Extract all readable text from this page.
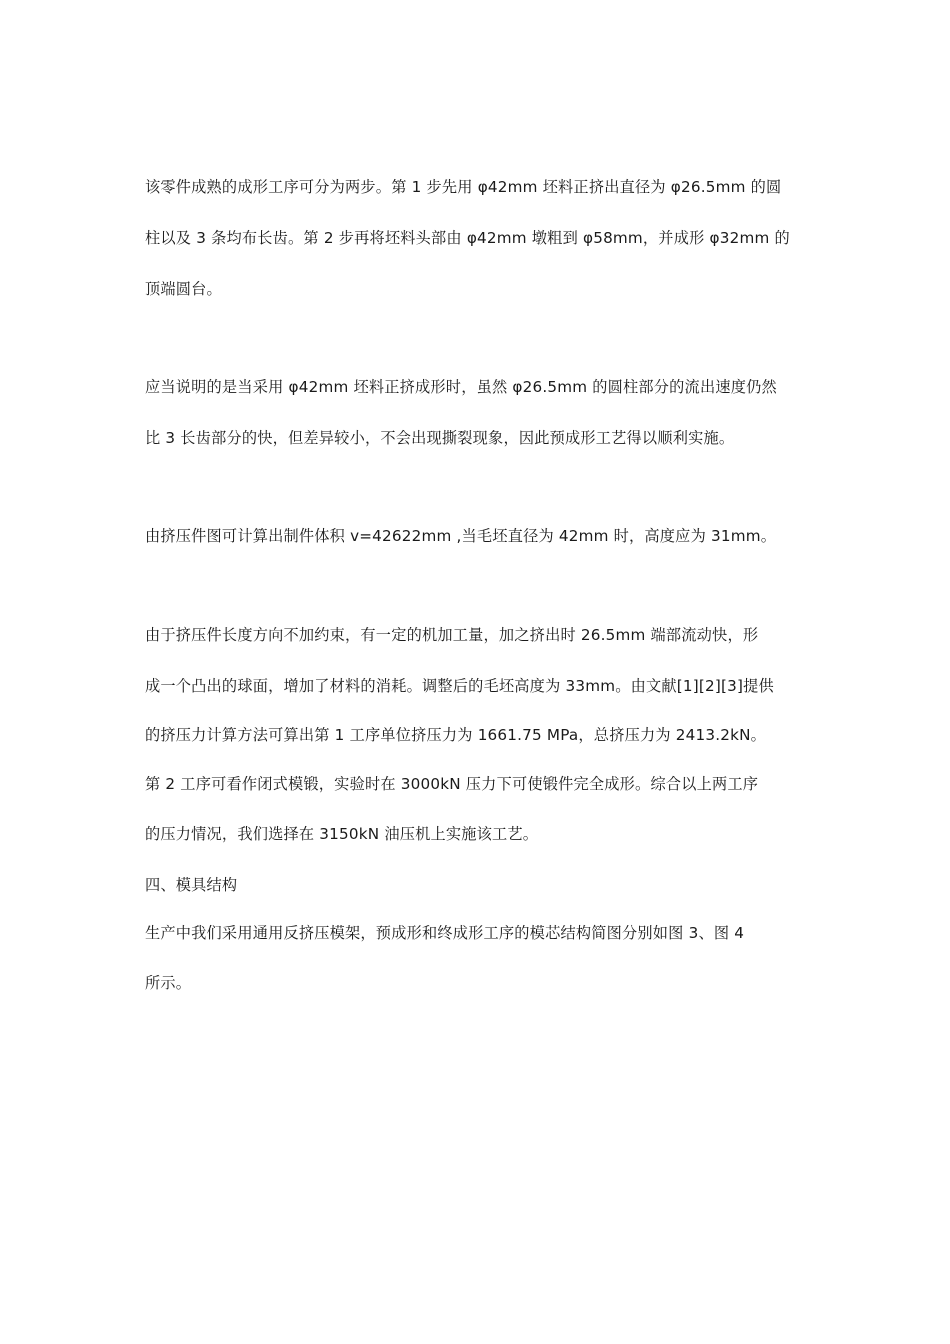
该零件成熟的成形工序可分为两步。第 1 步先用 φ42mm 坯料正挤出直径为 φ26.5mm 的圆
柱以及 3 条均布长齿。第 2 步再将坯料头部由 φ42mm 墩粗到 φ58mm，并成形 φ32mm 的
顶端圆台。
应当说明的是当采用 φ42mm 坯料正挤成形时，虽然 φ26.5mm 的圆柱部分的流出速度仍然
比 3 长齿部分的快，但差异较小，不会出现撕裂现象，因此预成形工艺得以顺利实施。
由挤压件图可计算出制件体积 v=42622mm ,当毛坯直径为 42mm 时，高度应为 31mm。
由于挤压件长度方向不加约束，有一定的机加工量，加之挤出时 26.5mm 端部流动快，形
成一个凸出的球面，增加了材料的消耗。调整后的毛坯高度为 33mm。由文献[1][2][3]提供
的挤压力计算方法可算出第 1 工序单位挤压力为 1661.75 MPa，总挤压力为 2413.2kN。
第 2 工序可看作闭式模锻，实验时在 3000kN 压力下可使锻件完全成形。综合以上两工序
的压力情况，我们选择在 3150kN 油压机上实施该工艺。
四、模具结构
生产中我们采用通用反挤压模架，预成形和终成形工序的模芯结构简图分别如图 3、图 4
所示。
